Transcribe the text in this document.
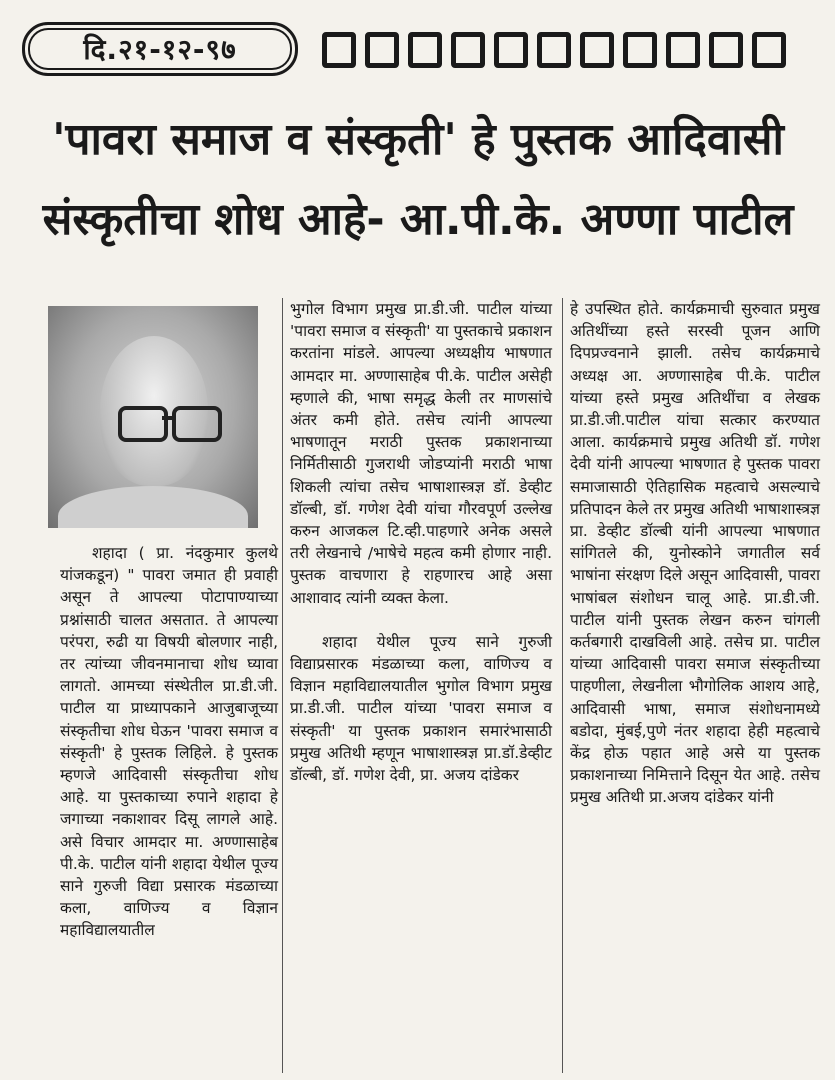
दि.२१-१२-९७
'पावरा समाज व संस्कृती' हे पुस्तक आदिवासी
संस्कृतीचा शोध आहे- आ.पी.के. अण्णा पाटील

शहादा ( प्रा. नंदकुमार कुलथे यांजकडून) " पावरा जमात ही प्रवाही असून ते आपल्या पोटापाण्याच्या प्रश्नांसाठी चालत असतात. ते आपल्या परंपरा, रुढी या विषयी बोलणार नाही, तर त्यांच्या जीवनमानाचा शोध घ्यावा लागतो. आमच्या संस्थेतील प्रा.डी.जी. पाटील या प्राध्यापकाने आजुबाजूच्या संस्कृतीचा शोध घेऊन 'पावरा समाज व संस्कृती' हे पुस्तक लिहिले. हे पुस्तक म्हणजे आदिवासी संस्कृतीचा शोध आहे. या पुस्तकाच्या रुपाने शहादा हे जगाच्या नकाशावर दिसू लागले आहे. असे विचार आमदार मा. अण्णासाहेब पी.के. पाटील यांनी शहादा येथील पूज्य साने गुरुजी विद्या प्रसारक मंडळाच्या कला, वाणिज्य व विज्ञान महाविद्यालयातील

भुगोल विभाग प्रमुख प्रा.डी.जी. पाटील यांच्या 'पावरा समाज व संस्कृती' या पुस्तकाचे प्रकाशन करतांना मांडले. आपल्या अध्यक्षीय भाषणात आमदार मा. अण्णासाहेब पी.के. पाटील असेही म्हणाले की, भाषा समृद्ध केली तर माणसांचे अंतर कमी होते. तसेच त्यांनी आपल्या भाषणातून मराठी पुस्तक प्रकाशनाच्या निर्मितीसाठी गुजराथी जोडप्यांनी मराठी भाषा शिकली त्यांचा तसेच भाषाशास्त्रज्ञ डॉ. डेव्हीट डॉल्बी, डॉ. गणेश देवी यांचा गौरवपूर्ण उल्लेख करुन आजकल टि.व्ही.पाहणारे अनेक असले तरी लेखनाचे /भाषेचे महत्व कमी होणार नाही. पुस्तक वाचणारा हे राहणारच आहे असा आशावाद त्यांनी व्यक्त केला.

शहादा येथील पूज्य साने गुरुजी विद्याप्रसारक मंडळाच्या कला, वाणिज्य व विज्ञान महाविद्यालयातील भुगोल विभाग प्रमुख प्रा.डी.जी. पाटील यांच्या 'पावरा समाज व संस्कृती' या पुस्तक प्रकाशन समारंभासाठी प्रमुख अतिथी म्हणून भाषाशास्त्रज्ञ प्रा.डॉ.डेव्हीट डॉल्बी, डॉ. गणेश देवी, प्रा. अजय दांडेकर

हे उपस्थित होते. कार्यक्रमाची सुरुवात प्रमुख अतिथींच्या हस्ते सरस्वी पूजन आणि दिपप्रज्वनाने झाली. तसेच कार्यक्रमाचे अध्यक्ष आ. अण्णासाहेब पी.के. पाटील यांच्या हस्ते प्रमुख अतिथींचा व लेखक प्रा.डी.जी.पाटील यांचा सत्कार करण्यात आला. कार्यक्रमाचे प्रमुख अतिथी डॉ. गणेश देवी यांनी आपल्या भाषणात हे पुस्तक पावरा समाजासाठी ऐतिहासिक महत्वाचे असल्याचे प्रतिपादन केले तर प्रमुख अतिथी भाषाशास्त्रज्ञ प्रा. डेव्हीट डॉल्बी यांनी आपल्या भाषणात सांगितले की, युनोस्कोने जगातील सर्व भाषांना संरक्षण दिले असून आदिवासी, पावरा भाषांबल संशोधन चालू आहे. प्रा.डी.जी. पाटील यांनी पुस्तक लेखन करुन चांगली कर्तबगारी दाखविली आहे. तसेच प्रा. पाटील यांच्या आदिवासी पावरा समाज संस्कृतीच्या पाहणीला, लेखनीला भौगोलिक आशय आहे, आदिवासी भाषा, समाज संशोधनामध्ये बडोदा, मुंबई,पुणे नंतर शहादा हेही महत्वाचे केंद्र होऊ पहात आहे असे या पुस्तक प्रकाशनाच्या निमित्ताने दिसून येत आहे. तसेच प्रमुख अतिथी प्रा.अजय दांडेकर यांनी
